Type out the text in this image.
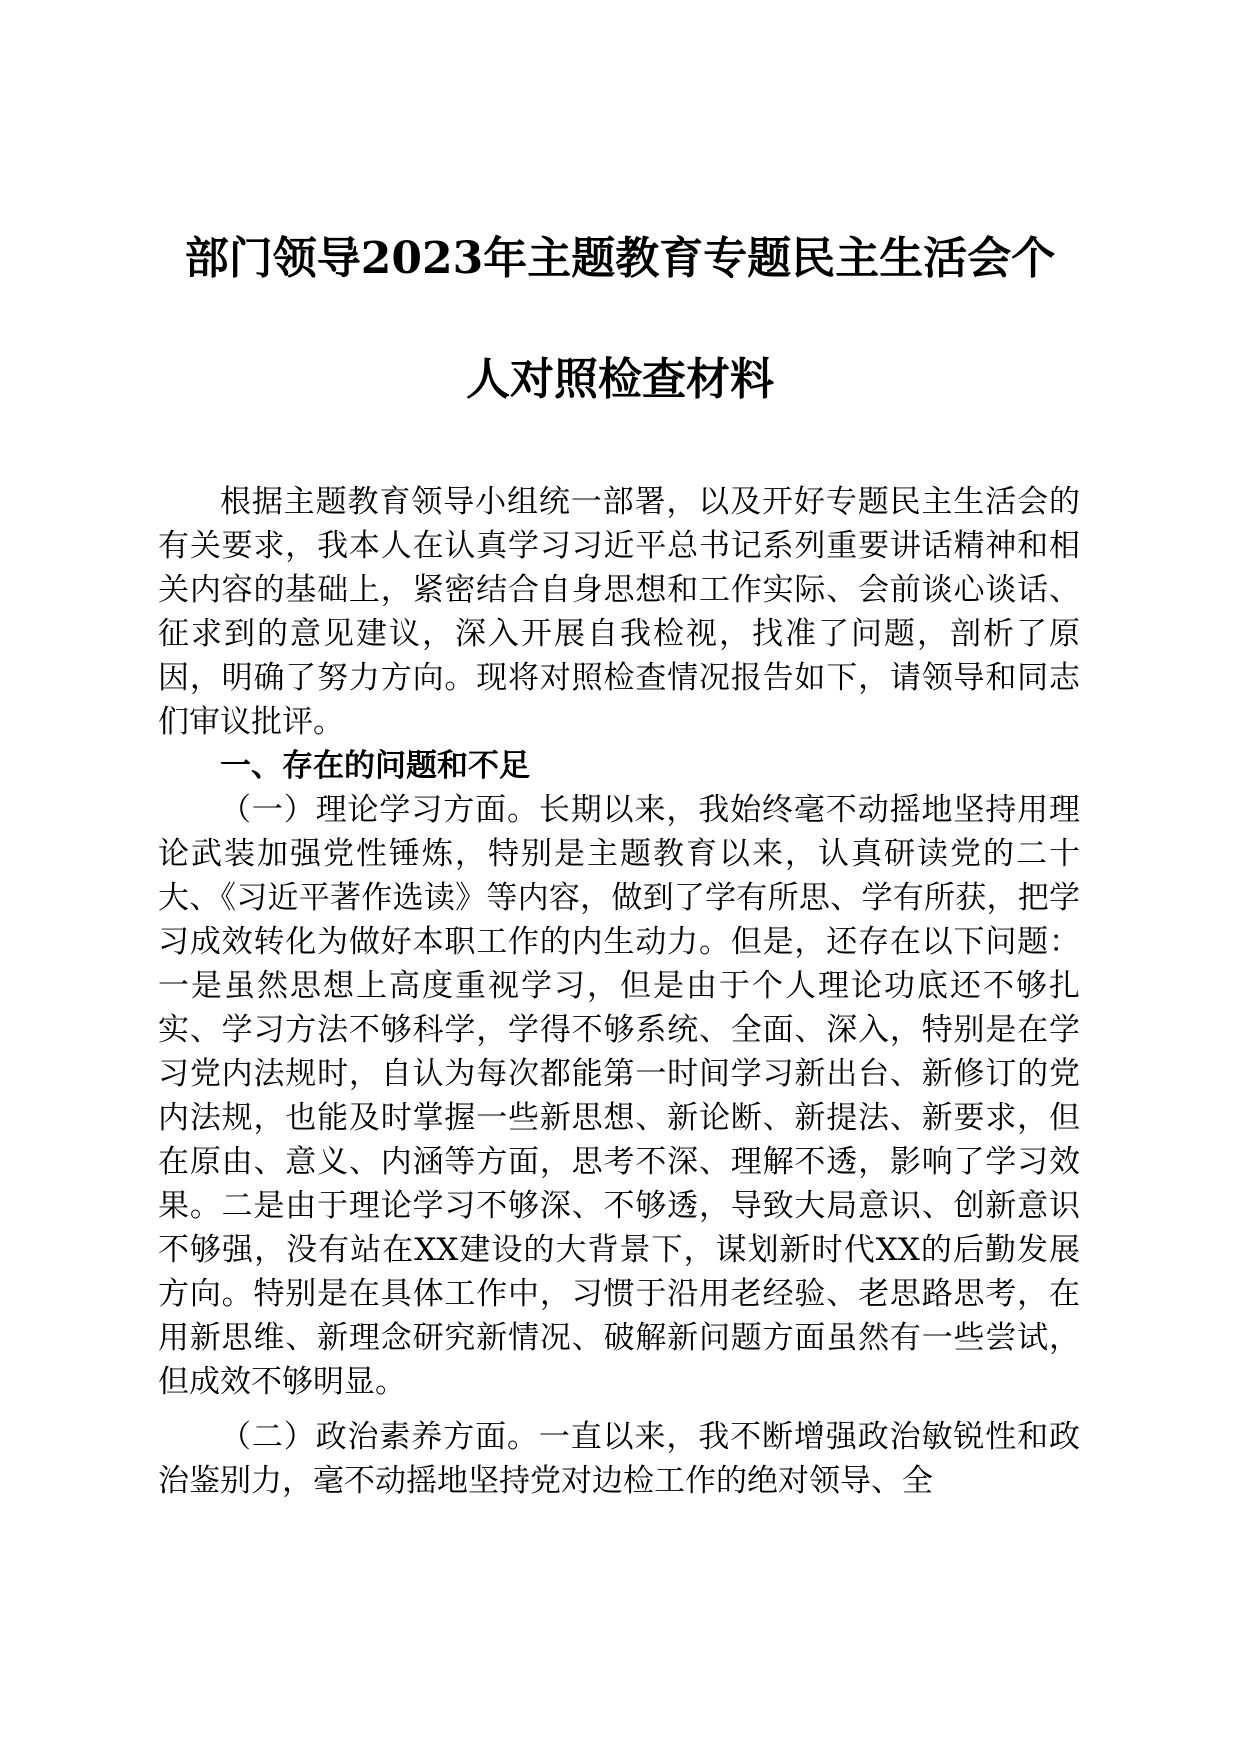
部门领导2023年主题教育专题民主生活会个
人对照检查材料

根据主题教育领导小组统一部署，以及开好专题民主生活会的有关要求，我本人在认真学习习近平总书记系列重要讲话精神和相关内容的基础上，紧密结合自身思想和工作实际、会前谈心谈话、征求到的意见建议，深入开展自我检视，找准了问题，剖析了原因，明确了努力方向。现将对照检查情况报告如下，请领导和同志们审议批评。

一、存在的问题和不足

（一）理论学习方面。长期以来，我始终毫不动摇地坚持用理论武装加强党性锤炼，特别是主题教育以来，认真研读党的二十大、《习近平著作选读》等内容，做到了学有所思、学有所获，把学习成效转化为做好本职工作的内生动力。但是，还存在以下问题：一是虽然思想上高度重视学习，但是由于个人理论功底还不够扎实、学习方法不够科学，学得不够系统、全面、深入，特别是在学习党内法规时，自认为每次都能第一时间学习新出台、新修订的党内法规，也能及时掌握一些新思想、新论断、新提法、新要求，但在原由、意义、内涵等方面，思考不深、理解不透，影响了学习效果。二是由于理论学习不够深、不够透，导致大局意识、创新意识不够强，没有站在XX建设的大背景下，谋划新时代XX的后勤发展方向。特别是在具体工作中，习惯于沿用老经验、老思路思考，在用新思维、新理念研究新情况、破解新问题方面虽然有一些尝试，但成效不够明显。

（二）政治素养方面。一直以来，我不断增强政治敏锐性和政治鉴别力，毫不动摇地坚持党对边检工作的绝对领导、全
